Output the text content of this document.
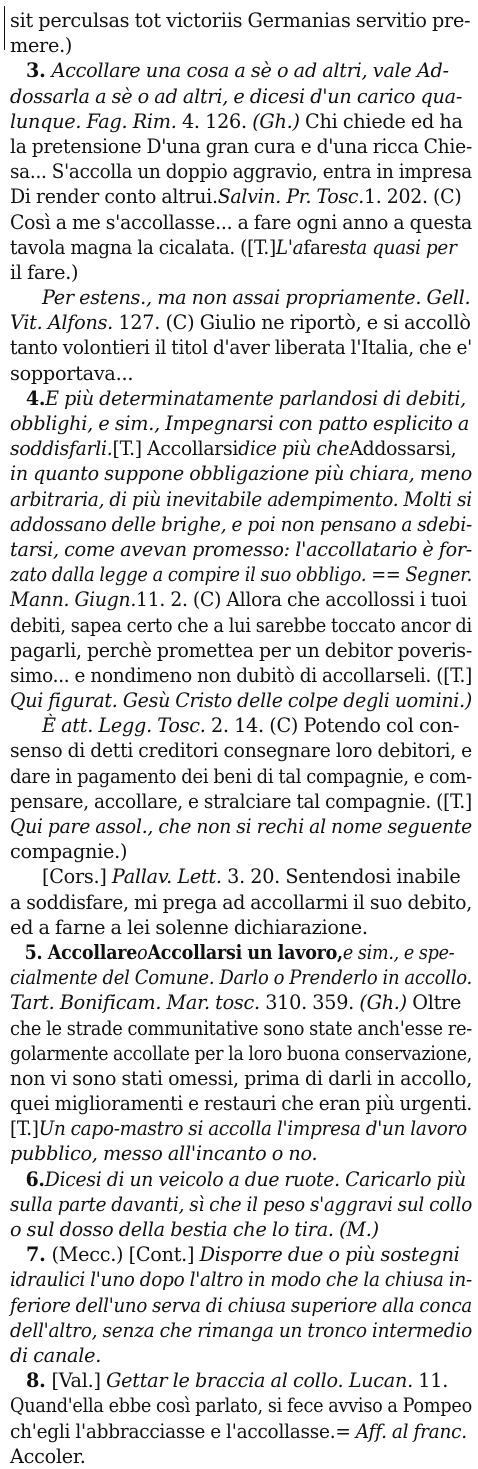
sit perculsas tot victoriis Germanias servitio pre-
mere.)
3. Accollare una cosa a sè o ad altri, vale Ad-
dossarla a sè o ad altri, e dicesi d'un carico qua-
lunque. Fag. Rim. 4. 126. (Gh.) Chi chiede ed ha
la pretensione D'una gran cura e d'una ricca Chie-
sa... S'accolla un doppio aggravio, entra in impresa
Di render conto altrui.Salvin. Pr. Tosc.1. 202. (C)
Così a me s'accollasse... a fare ogni anno a questa
tavola magna la cicalata. ([T.]L'afaresta quasi per
il fare.)
Per estens., ma non assai propriamente. Gell.
Vit. Alfons. 127. (C) Giulio ne riportò, e si accollò
tanto volontieri il titol d'aver liberata l'Italia, che e'
sopportava...
4.E più determinatamente parlandosi di debiti,
obblighi, e sim., Impegnarsi con patto esplicito a
soddisfarli.[T.] Accollarsidice più cheAddossarsi,
in quanto suppone obbligazione più chiara, meno
arbitraria, di più inevitabile adempimento. Molti si
addossano delle brighe, e poi non pensano a sdebi-
tarsi, come avevan promesso: l'accollatario è for-
zato dalla legge a compire il suo obbligo. == Segner.
Mann. Giugn.11. 2. (C) Allora che accollossi i tuoi
debiti, sapea certo che a lui sarebbe toccato ancor di
pagarli, perchè promettea per un debitor poveris-
simo... e nondimeno non dubitò di accollarseli. ([T.]
Qui figurat. Gesù Cristo delle colpe degli uomini.)
È att. Legg. Tosc. 2. 14. (C) Potendo col con-
senso di detti creditori consegnare loro debitori, e
dare in pagamento dei beni di tal compagnie, e com-
pensare, accollare, e stralciare tal compagnie. ([T.]
Qui pare assol., che non si rechi al nome seguente
compagnie.)
[Cors.] Pallav. Lett. 3. 20. Sentendosi inabile
a soddisfare, mi prega ad accollarmi il suo debito,
ed a farne a lei solenne dichiarazione.
5. AccollareoAccollarsi un lavoro,e sim., e spe-
cialmente del Comune. Darlo o Prenderlo in accollo.
Tart. Bonificam. Mar. tosc. 310. 359. (Gh.) Oltre
che le strade communitative sono state anch'esse re-
golarmente accollate per la loro buona conservazione,
non vi sono stati omessi, prima di darli in accollo,
quei miglioramenti e restauri che eran più urgenti.
[T.]Un capo-mastro si accolla l'impresa d'un lavoro
pubblico, messo all'incanto o no.
6.Dicesi di un veicolo a due ruote. Caricarlo più
sulla parte davanti, sì che il peso s'aggravi sul collo
o sul dosso della bestia che lo tira. (M.)
7. (Mecc.) [Cont.] Disporre due o più sostegni
idraulici l'uno dopo l'altro in modo che la chiusa in-
feriore dell'uno serva di chiusa superiore alla conca
dell'altro, senza che rimanga un tronco intermedio
di canale.
8. [Val.] Gettar le braccia al collo. Lucan. 11.
Quand'ella ebbe così parlato, si fece avviso a Pompeo
ch'egli l'abbracciasse e l'accollasse.= Aff. al franc.
Accoler.
